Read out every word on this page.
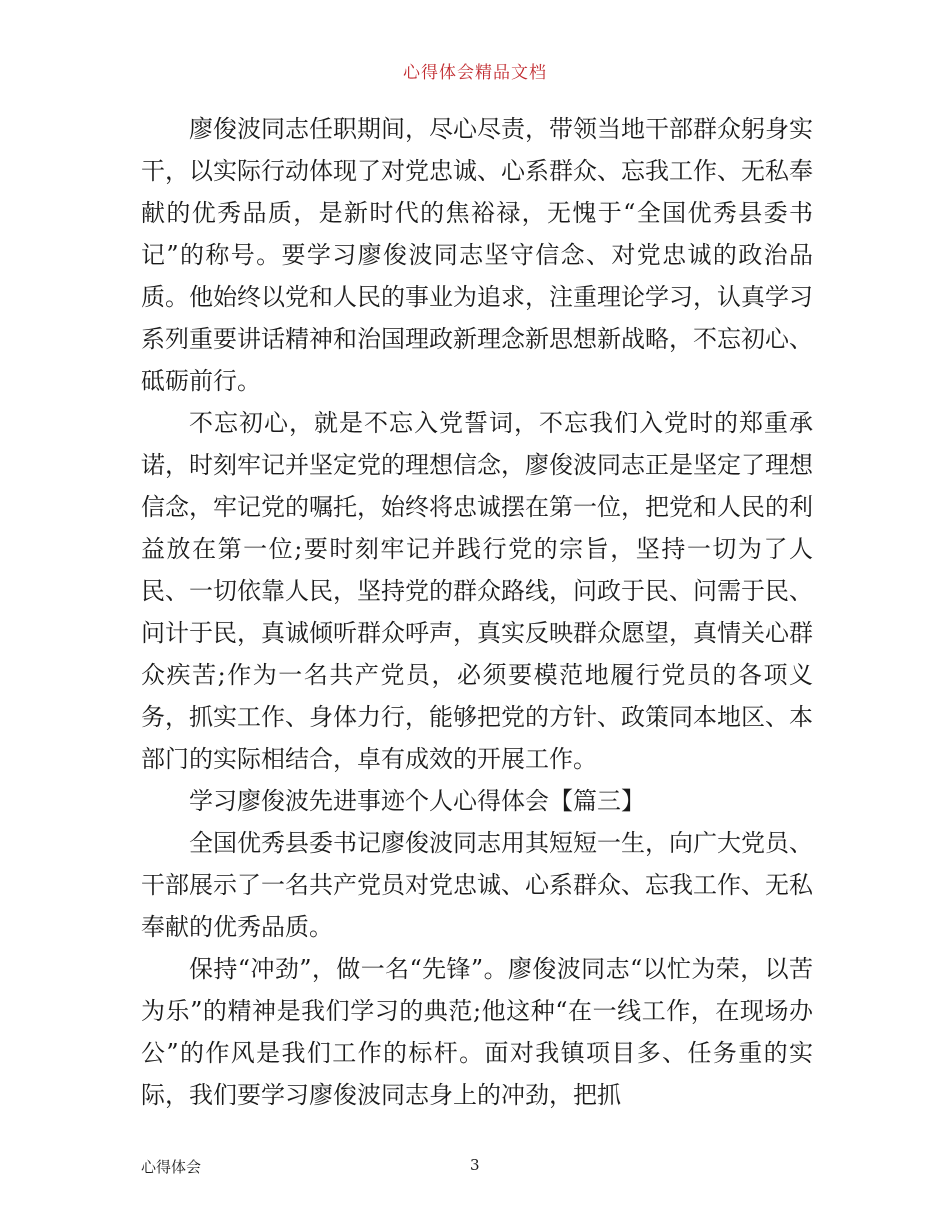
心得体会精品文档

廖俊波同志任职期间，尽心尽责，带领当地干部群众躬身实干，以实际行动体现了对党忠诚、心系群众、忘我工作、无私奉献的优秀品质，是新时代的焦裕禄，无愧于“全国优秀县委书记”的称号。要学习廖俊波同志坚守信念、对党忠诚的政治品质。他始终以党和人民的事业为追求，注重理论学习，认真学习系列重要讲话精神和治国理政新理念新思想新战略，不忘初心、砥砺前行。

不忘初心，就是不忘入党誓词，不忘我们入党时的郑重承诺，时刻牢记并坚定党的理想信念，廖俊波同志正是坚定了理想信念，牢记党的嘱托，始终将忠诚摆在第一位，把党和人民的利益放在第一位;要时刻牢记并践行党的宗旨，坚持一切为了人民、一切依靠人民，坚持党的群众路线，问政于民、问需于民、问计于民，真诚倾听群众呼声，真实反映群众愿望，真情关心群众疾苦;作为一名共产党员，必须要模范地履行党员的各项义务，抓实工作、身体力行，能够把党的方针、政策同本地区、本部门的实际相结合，卓有成效的开展工作。

学习廖俊波先进事迹个人心得体会【篇三】

全国优秀县委书记廖俊波同志用其短短一生，向广大党员、干部展示了一名共产党员对党忠诚、心系群众、忘我工作、无私奉献的优秀品质。

保持“冲劲”，做一名“先锋”。廖俊波同志“以忙为荣，以苦为乐”的精神是我们学习的典范;他这种“在一线工作，在现场办公”的作风是我们工作的标杆。面对我镇项目多、任务重的实际，我们要学习廖俊波同志身上的冲劲，把抓

心得体会	3
